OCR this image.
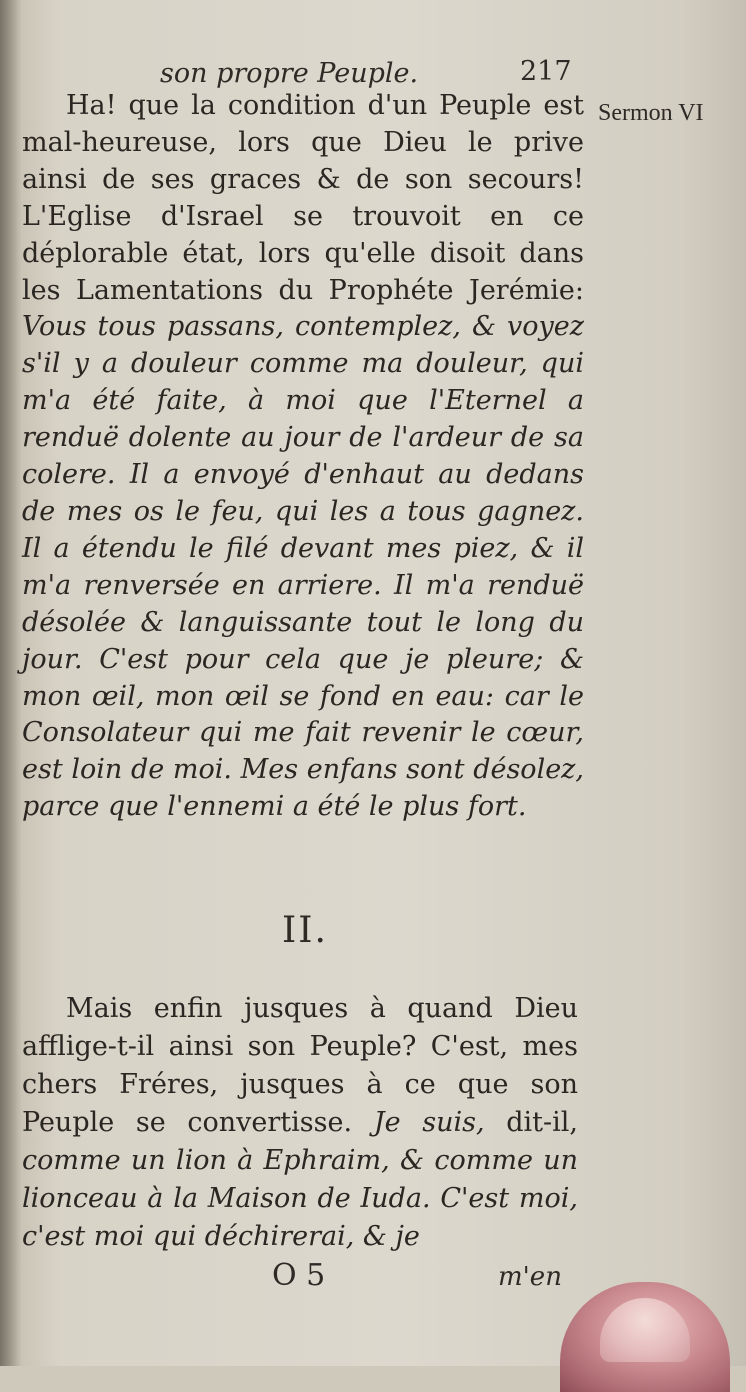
son propre Peuple.	217
Sermon VI

Ha! que la condition d'un Peuple est mal-heureuse, lors que Dieu le prive ainsi de ses graces & de son secours! L'Eglise d'Israel se trouvoit en ce déplorable état, lors qu'elle disoit dans les Lamentations du Prophéte Jerémie: Vous tous passans, contemplez, & voyez s'il y a douleur comme ma douleur, qui m'a été faite, à moi que l'Eternel a renduë dolente au jour de l'ardeur de sa colere. Il a envoyé d'enhaut au dedans de mes os le feu, qui les a tous gagnez. Il a étendu le filé devant mes piez, & il m'a renversée en arriere. Il m'a renduë désolée & languissante tout le long du jour. C'est pour cela que je pleure; & mon œil, mon œil se fond en eau: car le Consolateur qui me fait revenir le cœur, est loin de moi. Mes enfans sont désolez, parce que l'ennemi a été le plus fort.

II.

Mais enfin jusques à quand Dieu afflige-t-il ainsi son Peuple? C'est, mes chers Fréres, jusques à ce que son Peuple se convertisse. Je suis, dit-il, comme un lion à Ephraim, & comme un lionceau à la Maison de Iuda. C'est moi, c'est moi qui déchirerai, & je

O 5	m'en
